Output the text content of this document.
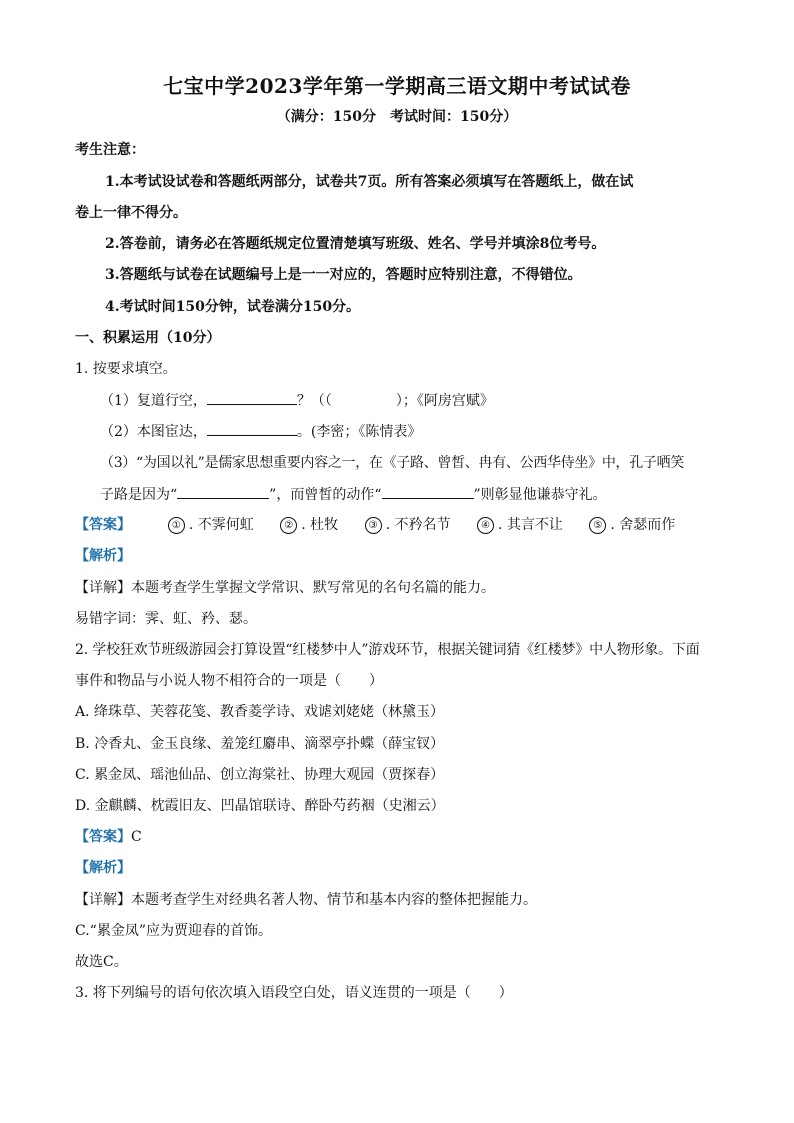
七宝中学2023学年第一学期高三语文期中考试试卷
（满分：150分　考试时间：150分）
考生注意：
1.本考试设试卷和答题纸两部分，试卷共7页。所有答案必须填写在答题纸上，做在试
卷上一律不得分。
2.答卷前，请务必在答题纸规定位置清楚填写班级、姓名、学号并填涂8位考号。
3.答题纸与试卷在试题编号上是一一对应的，答题时应特别注意，不得错位。
4.考试时间150分钟，试卷满分150分。
一、积累运用（10分）
1. 按要求填空。
（1）复道行空，	？（（	）；《阿房宫赋》
（2）本图宦达，	。(李密；《陈情表》
（3）“为国以礼”是儒家思想重要内容之一，在《子路、曾皙、冉有、公西华侍坐》中，孔子哂笑
子路是因为“	”，而曾皙的动作“	”则彰显他谦恭守礼。
【答案】	① . 不霁何虹	② . 杜牧	③ . 不矜名节	④ . 其言不让	⑤ . 舍瑟而作
【解析】
【详解】本题考查学生掌握文学常识、默写常见的名句名篇的能力。
易错字词：霁、虹、矜、瑟。
2. 学校狂欢节班级游园会打算设置“红楼梦中人”游戏环节，根据关键词猜《红楼梦》中人物形象。下面
事件和物品与小说人物不相符合的一项是（　　）
A. 绛珠草、芙蓉花笺、教香菱学诗、戏谑刘姥姥（林黛玉）
B. 冷香丸、金玉良缘、羞笼红麝串、滴翠亭扑蝶（薛宝钗）
C. 累金凤、瑶池仙品、创立海棠社、协理大观园（贾探春）
D. 金麒麟、枕霞旧友、凹晶馆联诗、醉卧芍药裀（史湘云）
【答案】C
【解析】
【详解】本题考查学生对经典名著人物、情节和基本内容的整体把握能力。
C.“累金凤”应为贾迎春的首饰。
故选C。
3. 将下列编号的语句依次填入语段空白处，语义连贯的一项是（　　）
